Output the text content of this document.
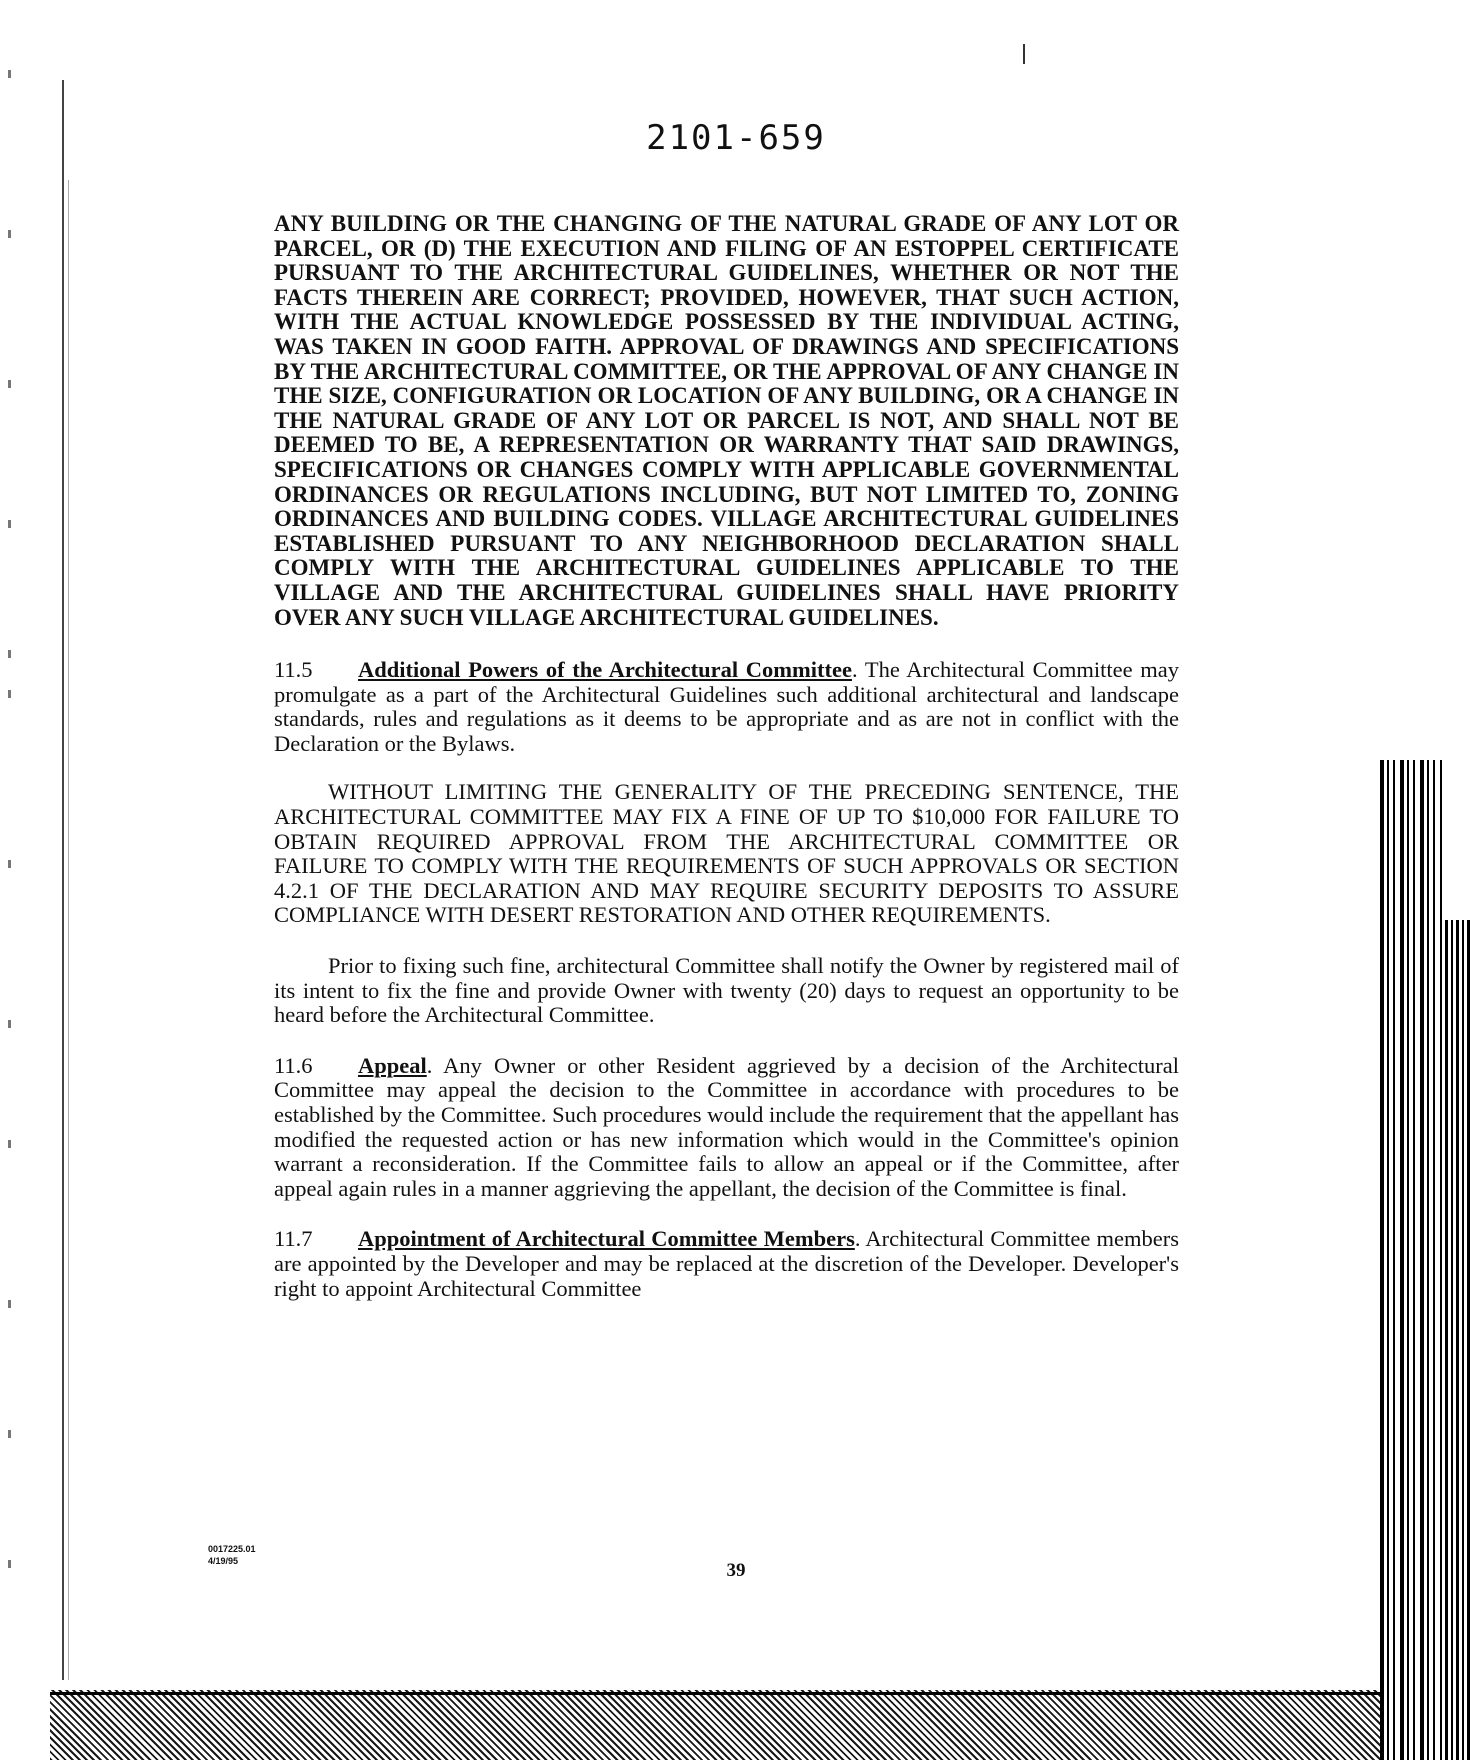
2101-659

ANY BUILDING OR THE CHANGING OF THE NATURAL GRADE OF ANY LOT OR PARCEL, OR (D) THE EXECUTION AND FILING OF AN ESTOPPEL CERTIFICATE PURSUANT TO THE ARCHITECTURAL GUIDELINES, WHETHER OR NOT THE FACTS THEREIN ARE CORRECT; PROVIDED, HOWEVER, THAT SUCH ACTION, WITH THE ACTUAL KNOWLEDGE POSSESSED BY THE INDIVIDUAL ACTING, WAS TAKEN IN GOOD FAITH. APPROVAL OF DRAWINGS AND SPECIFICATIONS BY THE ARCHITECTURAL COMMITTEE, OR THE APPROVAL OF ANY CHANGE IN THE SIZE, CONFIGURATION OR LOCATION OF ANY BUILDING, OR A CHANGE IN THE NATURAL GRADE OF ANY LOT OR PARCEL IS NOT, AND SHALL NOT BE DEEMED TO BE, A REPRESENTATION OR WARRANTY THAT SAID DRAWINGS, SPECIFICATIONS OR CHANGES COMPLY WITH APPLICABLE GOVERNMENTAL ORDINANCES OR REGULATIONS INCLUDING, BUT NOT LIMITED TO, ZONING ORDINANCES AND BUILDING CODES. VILLAGE ARCHITECTURAL GUIDELINES ESTABLISHED PURSUANT TO ANY NEIGHBORHOOD DECLARATION SHALL COMPLY WITH THE ARCHITECTURAL GUIDELINES APPLICABLE TO THE VILLAGE AND THE ARCHITECTURAL GUIDELINES SHALL HAVE PRIORITY OVER ANY SUCH VILLAGE ARCHITECTURAL GUIDELINES.

11.5 Additional Powers of the Architectural Committee. The Architectural Committee may promulgate as a part of the Architectural Guidelines such additional architectural and landscape standards, rules and regulations as it deems to be appropriate and as are not in conflict with the Declaration or the Bylaws.

WITHOUT LIMITING THE GENERALITY OF THE PRECEDING SENTENCE, THE ARCHITECTURAL COMMITTEE MAY FIX A FINE OF UP TO $10,000 FOR FAILURE TO OBTAIN REQUIRED APPROVAL FROM THE ARCHITECTURAL COMMITTEE OR FAILURE TO COMPLY WITH THE REQUIREMENTS OF SUCH APPROVALS OR SECTION 4.2.1 OF THE DECLARATION AND MAY REQUIRE SECURITY DEPOSITS TO ASSURE COMPLIANCE WITH DESERT RESTORATION AND OTHER REQUIREMENTS.

Prior to fixing such fine, architectural Committee shall notify the Owner by registered mail of its intent to fix the fine and provide Owner with twenty (20) days to request an opportunity to be heard before the Architectural Committee.

11.6 Appeal. Any Owner or other Resident aggrieved by a decision of the Architectural Committee may appeal the decision to the Committee in accordance with procedures to be established by the Committee. Such procedures would include the requirement that the appellant has modified the requested action or has new information which would in the Committee's opinion warrant a reconsideration. If the Committee fails to allow an appeal or if the Committee, after appeal again rules in a manner aggrieving the appellant, the decision of the Committee is final.

11.7 Appointment of Architectural Committee Members. Architectural Committee members are appointed by the Developer and may be replaced at the discretion of the Developer. Developer's right to appoint Architectural Committee

0017225.01
4/19/95	39
